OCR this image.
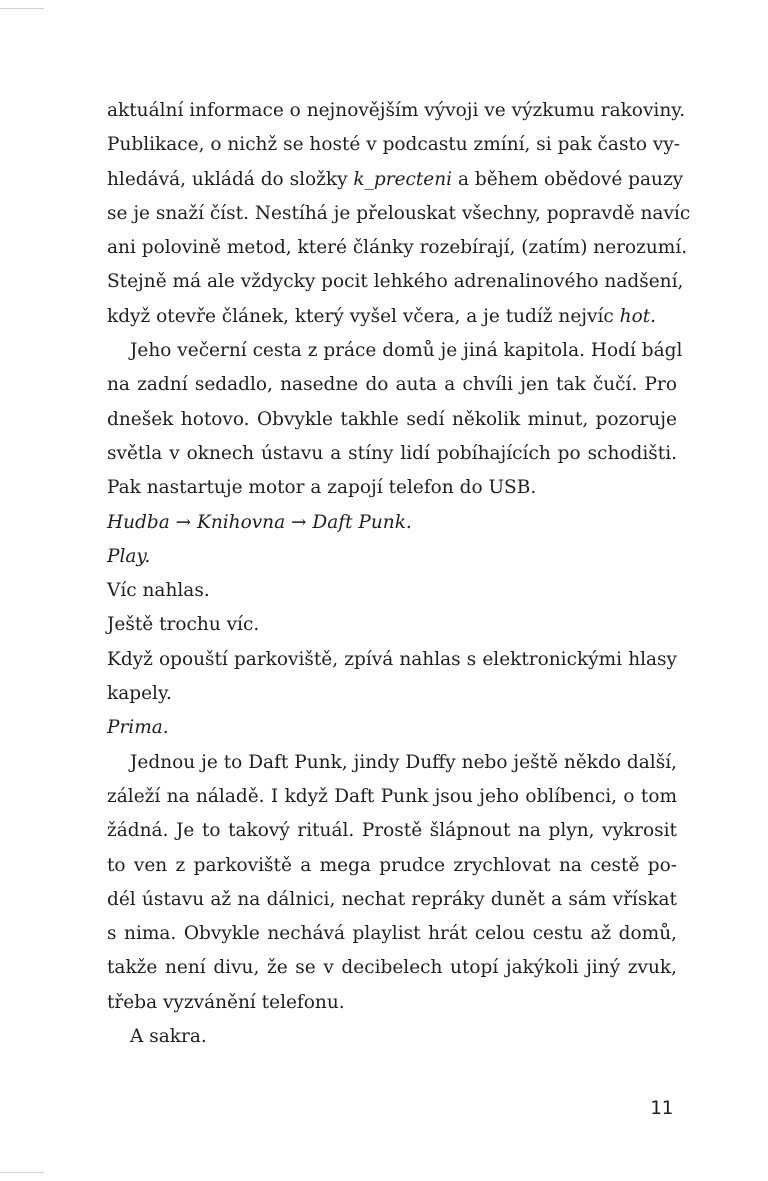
aktuální informace o nejnovějším vývoji ve výzkumu rakoviny.
Publikace, o nichž se hosté v podcastu zmíní, si pak často vy-
hledává, ukládá do složky k_precteni a během obědové pauzy
se je snaží číst. Nestíhá je přelouskat všechny, popravdě navíc
ani polovině metod, které články rozebírají, (zatím) nerozumí.
Stejně má ale vždycky pocit lehkého adrenalinového nadšení,
když otevře článek, který vyšel včera, a je tudíž nejvíc hot.
Jeho večerní cesta z práce domů je jiná kapitola. Hodí bágl
na zadní sedadlo, nasedne do auta a chvíli jen tak čučí. Pro
dnešek hotovo. Obvykle takhle sedí několik minut, pozoruje
světla v oknech ústavu a stíny lidí pobíhajících po schodišti.
Pak nastartuje motor a zapojí telefon do USB.
Hudba → Knihovna → Daft Punk.
Play.
Víc nahlas.
Ještě trochu víc.
Když opouští parkoviště, zpívá nahlas s elektronickými hlasy
kapely.
Prima.
Jednou je to Daft Punk, jindy Duffy nebo ještě někdo další,
záleží na náladě. I když Daft Punk jsou jeho oblíbenci, o tom
žádná. Je to takový rituál. Prostě šlápnout na plyn, vykrosit
to ven z parkoviště a mega prudce zrychlovat na cestě po-
dél ústavu až na dálnici, nechat repráky dunět a sám vřískat
s nima. Obvykle nechává playlist hrát celou cestu až domů,
takže není divu, že se v decibelech utopí jakýkoli jiný zvuk,
třeba vyzvánění telefonu.
A sakra.
11
